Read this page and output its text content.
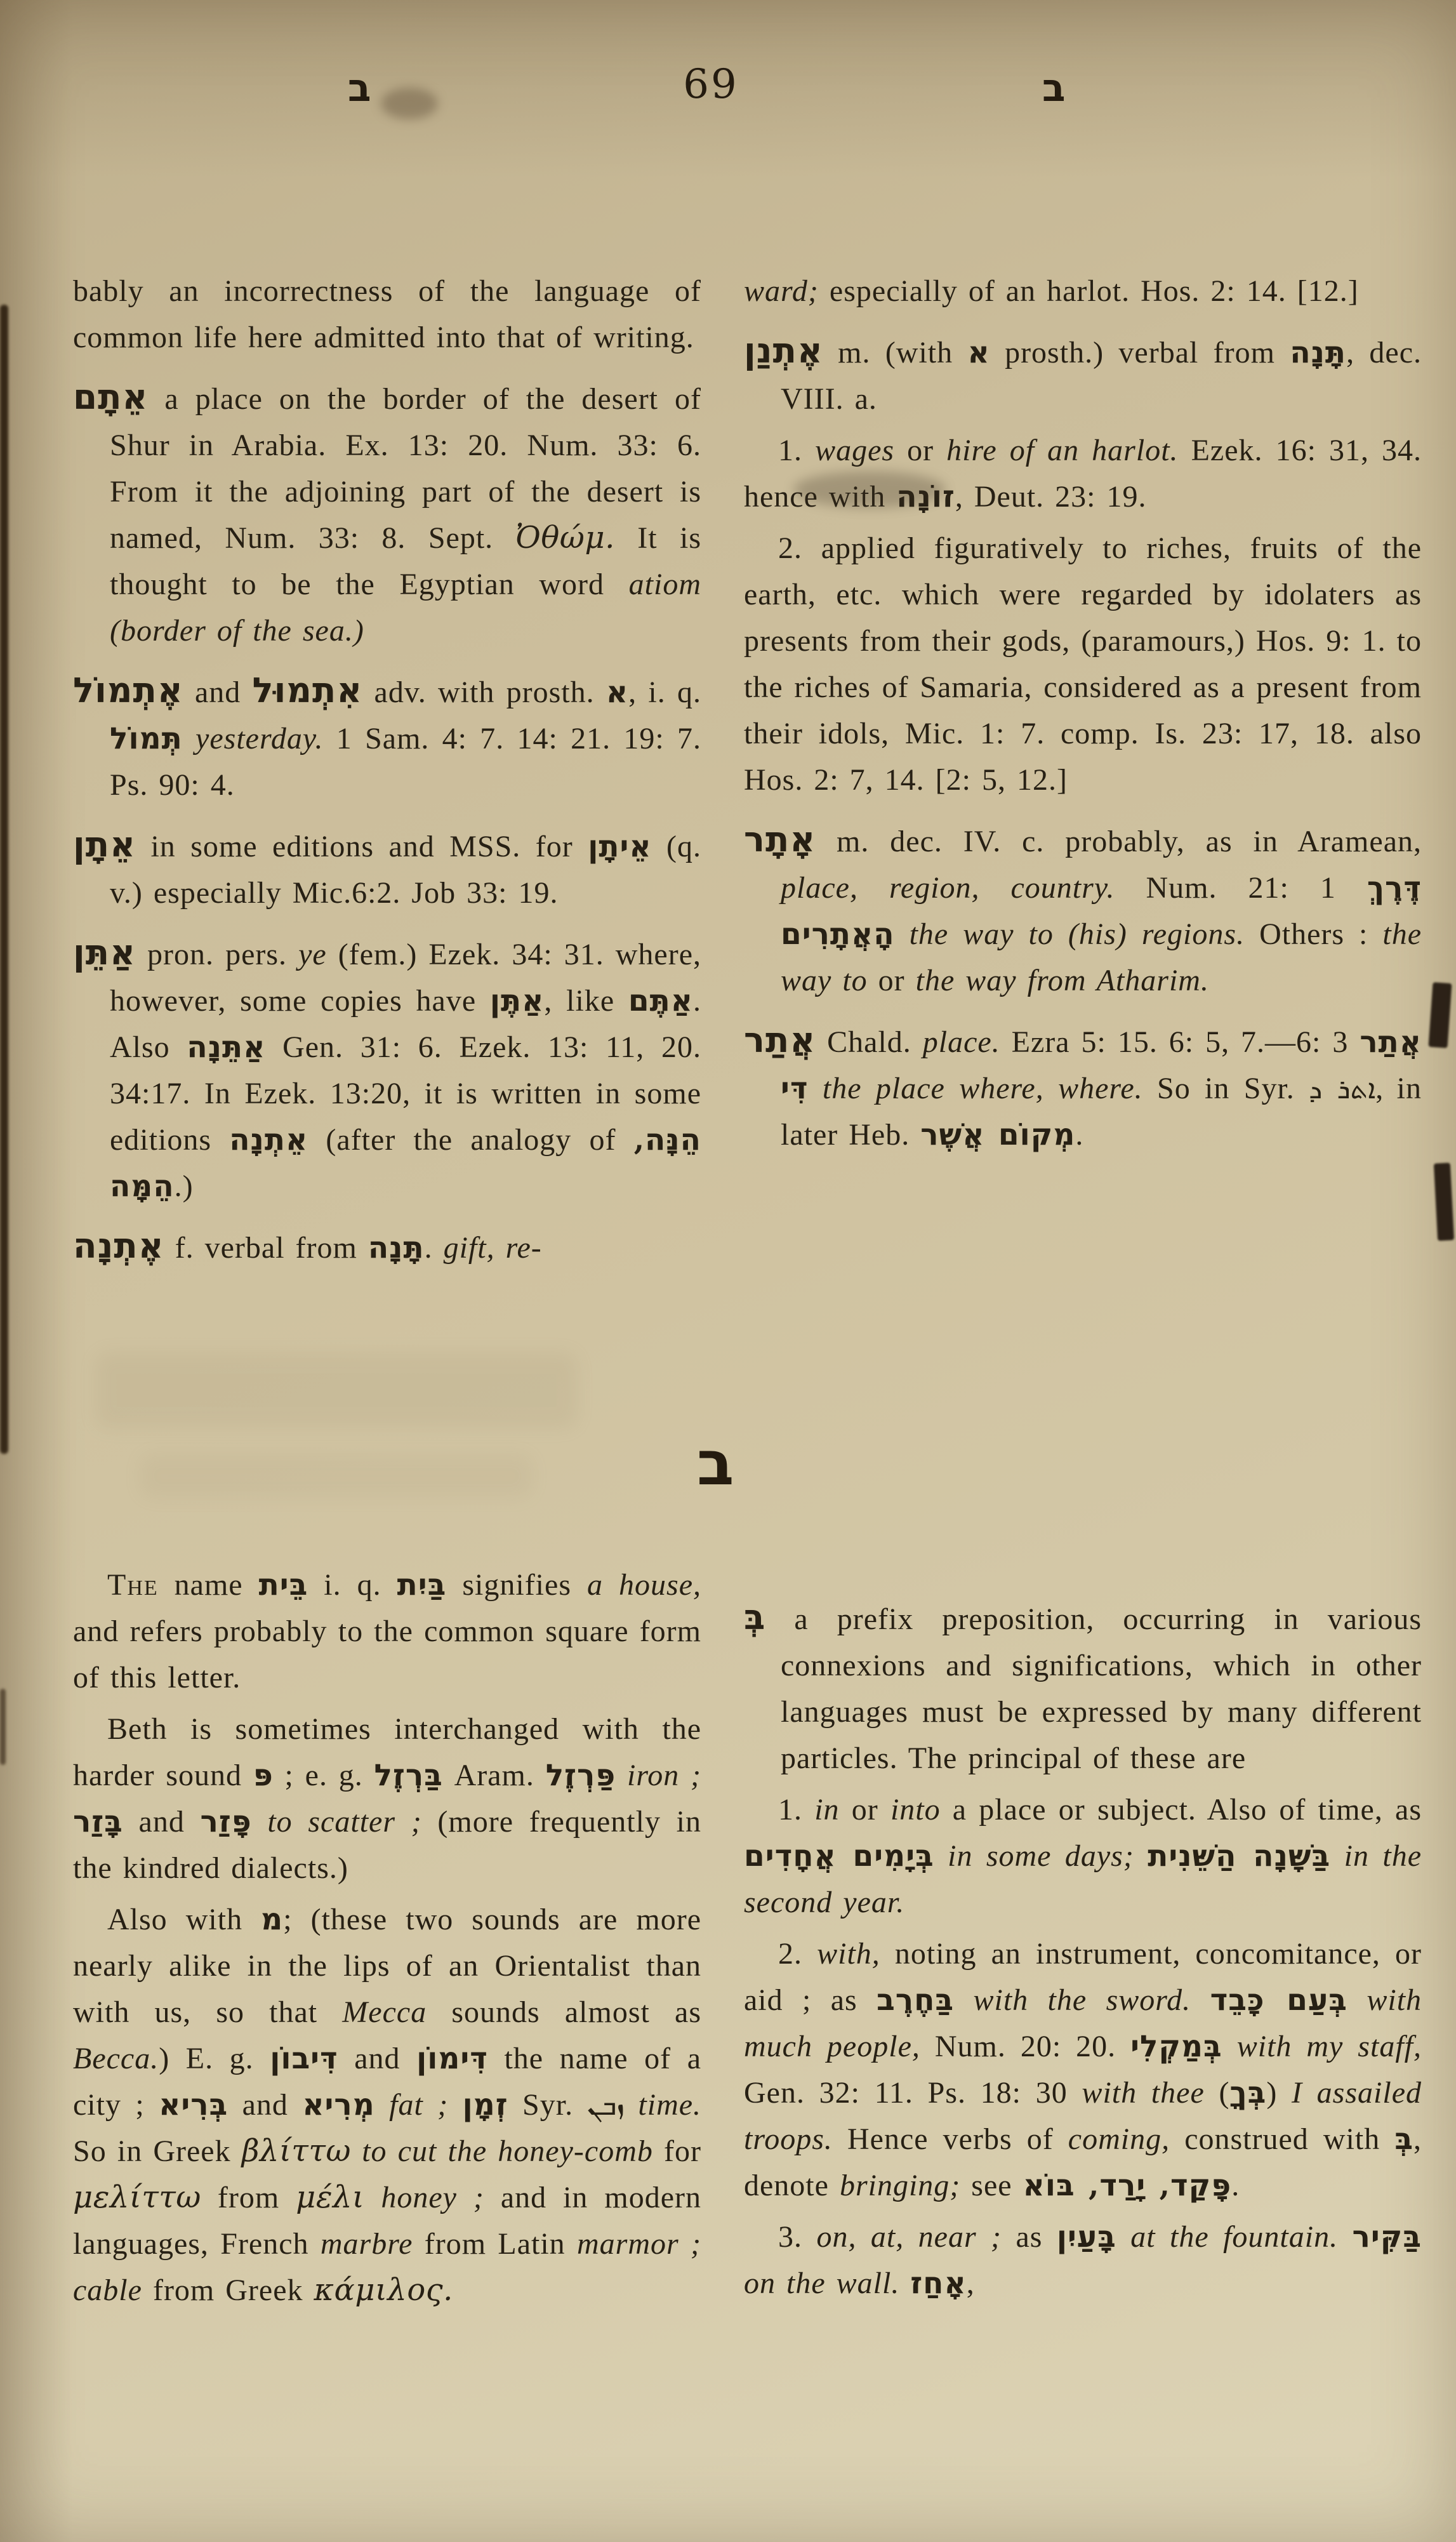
ב	69	ב

bably an incorrectness of the language of common life here admitted into that of writing.

אֵתָם a place on the border of the desert of Shur in Arabia. Ex. 13: 20. Num. 33: 6. From it the adjoining part of the desert is named, Num. 33: 8. Sept. Ὀθώμ. It is thought to be the Egyptian word atiom (border of the sea.)

אֶתְמוֹל and אִתְמוּל adv. with prosth. א, i. q. תְּמוֹל yesterday. 1 Sam. 4: 7. 14: 21. 19: 7. Ps. 90: 4.

אֵתָן in some editions and MSS. for אֵיתָן (q. v.) especially Mic.6:2. Job 33: 19.

אַתֵּן pron. pers. ye (fem.) Ezek. 34: 31. where, however, some copies have אַתֶּן, like אַתֶּם. Also אַתֵּנָה Gen. 31: 6. Ezek. 13: 11, 20. 34:17. In Ezek. 13:20, it is written in some editions אֵתְנָה (after the analogy of הֵנָּה, הֵמָּה.)

אֶתְנָה f. verbal from תָּנָה. gift, re-

ward; especially of an harlot. Hos. 2: 14. [12.]

אֶתְנַן m. (with א prosth.) verbal from תָּנָה, dec. VIII. a.

1. wages or hire of an harlot. Ezek. 16: 31, 34. hence with זוֹנָה, Deut. 23: 19.

2. applied figuratively to riches, fruits of the earth, etc. which were regarded by idolaters as presents from their gods, (paramours,) Hos. 9: 1. to the riches of Samaria, considered as a present from their idols, Mic. 1: 7. comp. Is. 23: 17, 18. also Hos. 2: 7, 14. [2: 5, 12.]

אָתָר m. dec. IV. c. probably, as in Aramean, place, region, country. Num. 21: 1 דֶּרֶךְ הָאֲתָרִים the way to (his) regions. Others : the way to or the way from Atharim.

אֲתַר Chald. place. Ezra 5: 15. 6: 5, 7.—6: 3 אֲתַר דִּי the place where, where. So in Syr. ܐܬܪ ܕ, in later Heb. מְקוֹם אֲשֶׁר.

ב

The name בֵּית i. q. בַּיִת signifies a house, and refers probably to the common square form of this letter.

Beth is sometimes interchanged with the harder sound פּ ; e. g. בַּרְזֶל Aram. פַּרְזֶל iron ; בָּזַר and פָּזַר to scatter ; (more frequently in the kindred dialects.)

Also with מ; (these two sounds are more nearly alike in the lips of an Orientalist than with us, so that Mecca sounds almost as Becca.) E. g. דִּיבוֹן and דִּימוֹן the name of a city ; בְּרִיא and מְרִיא fat ; זְמָן Syr. ܙܒܢ time. So in Greek βλίττω to cut the honey-comb for μελίττω from μέλι honey ; and in modern languages, French marbre from Latin marmor ; cable from Greek κάμιλος.

בְּ a prefix preposition, occurring in various connexions and significations, which in other languages must be expressed by many different particles. The principal of these are

1. in or into a place or subject. Also of time, as בְּיָמִים אֲחָדִים in some days; בַּשָּׁנָה הַשֵּׁנִית in the second year.

2. with, noting an instrument, concomitance, or aid ; as בַּחֶרֶב with the sword. בְּעַם כָּבֵד with much people, Num. 20: 20. בְּמַקְלִי with my staff, Gen. 32: 11. Ps. 18: 30 with thee (בְּךָ) I assailed troops. Hence verbs of coming, construed with בְּ, denote bringing; see פָּקַד, יָרַד, בּוֹא.

3. on, at, near ; as בָּעַיִן at the fountain. בַּקִּיר on the wall. אָחַז,
